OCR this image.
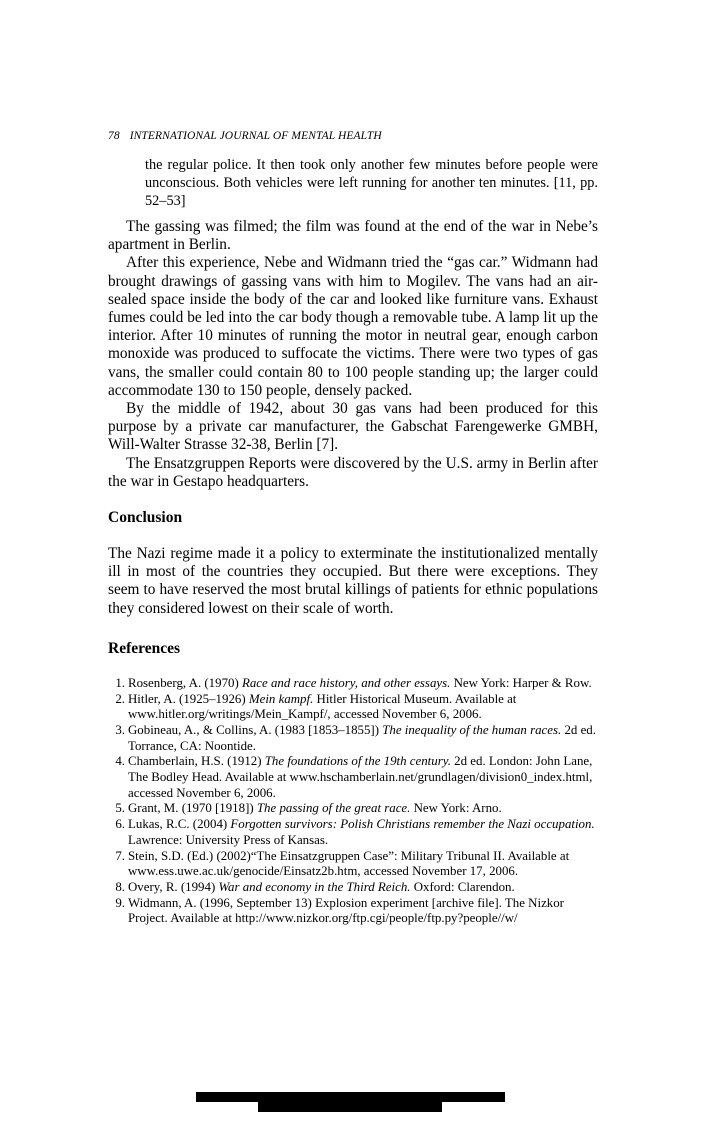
78 INTERNATIONAL JOURNAL OF MENTAL HEALTH

the regular police. It then took only another few minutes before people were unconscious. Both vehicles were left running for another ten minutes. [11, pp. 52–53]

The gassing was filmed; the film was found at the end of the war in Nebe’s apartment in Berlin.

After this experience, Nebe and Widmann tried the “gas car.” Widmann had brought drawings of gassing vans with him to Mogilev. The vans had an air-sealed space inside the body of the car and looked like furniture vans. Exhaust fumes could be led into the car body though a removable tube. A lamp lit up the interior. After 10 minutes of running the motor in neutral gear, enough carbon monoxide was produced to suffocate the victims. There were two types of gas vans, the smaller could contain 80 to 100 people standing up; the larger could accommodate 130 to 150 people, densely packed.

By the middle of 1942, about 30 gas vans had been produced for this purpose by a private car manufacturer, the Gabschat Farengewerke GMBH, Will-Walter Strasse 32-38, Berlin [7].

The Ensatzgruppen Reports were discovered by the U.S. army in Berlin after the war in Gestapo headquarters.

Conclusion

The Nazi regime made it a policy to exterminate the institutionalized mentally ill in most of the countries they occupied. But there were exceptions. They seem to have reserved the most brutal killings of patients for ethnic populations they considered lowest on their scale of worth.

References
1. Rosenberg, A. (1970) Race and race history, and other essays. New York: Harper & Row.
2. Hitler, A. (1925–1926) Mein kampf. Hitler Historical Museum. Available at www.hitler.org/writings/Mein_Kampf/, accessed November 6, 2006.
3. Gobineau, A., & Collins, A. (1983 [1853–1855]) The inequality of the human races. 2d ed. Torrance, CA: Noontide.
4. Chamberlain, H.S. (1912) The foundations of the 19th century. 2d ed. London: John Lane, The Bodley Head. Available at www.hschamberlain.net/grundlagen/division0_index.html, accessed November 6, 2006.
5. Grant, M. (1970 [1918]) The passing of the great race. New York: Arno.
6. Lukas, R.C. (2004) Forgotten survivors: Polish Christians remember the Nazi occupation. Lawrence: University Press of Kansas.
7. Stein, S.D. (Ed.) (2002)“The Einsatzgruppen Case”: Military Tribunal II. Available at www.ess.uwe.ac.uk/genocide/Einsatz2b.htm, accessed November 17, 2006.
8. Overy, R. (1994) War and economy in the Third Reich. Oxford: Clarendon.
9. Widmann, A. (1996, September 13) Explosion experiment [archive file]. The Nizkor Project. Available at http://www.nizkor.org/ftp.cgi/people/ftp.py?people//w/
